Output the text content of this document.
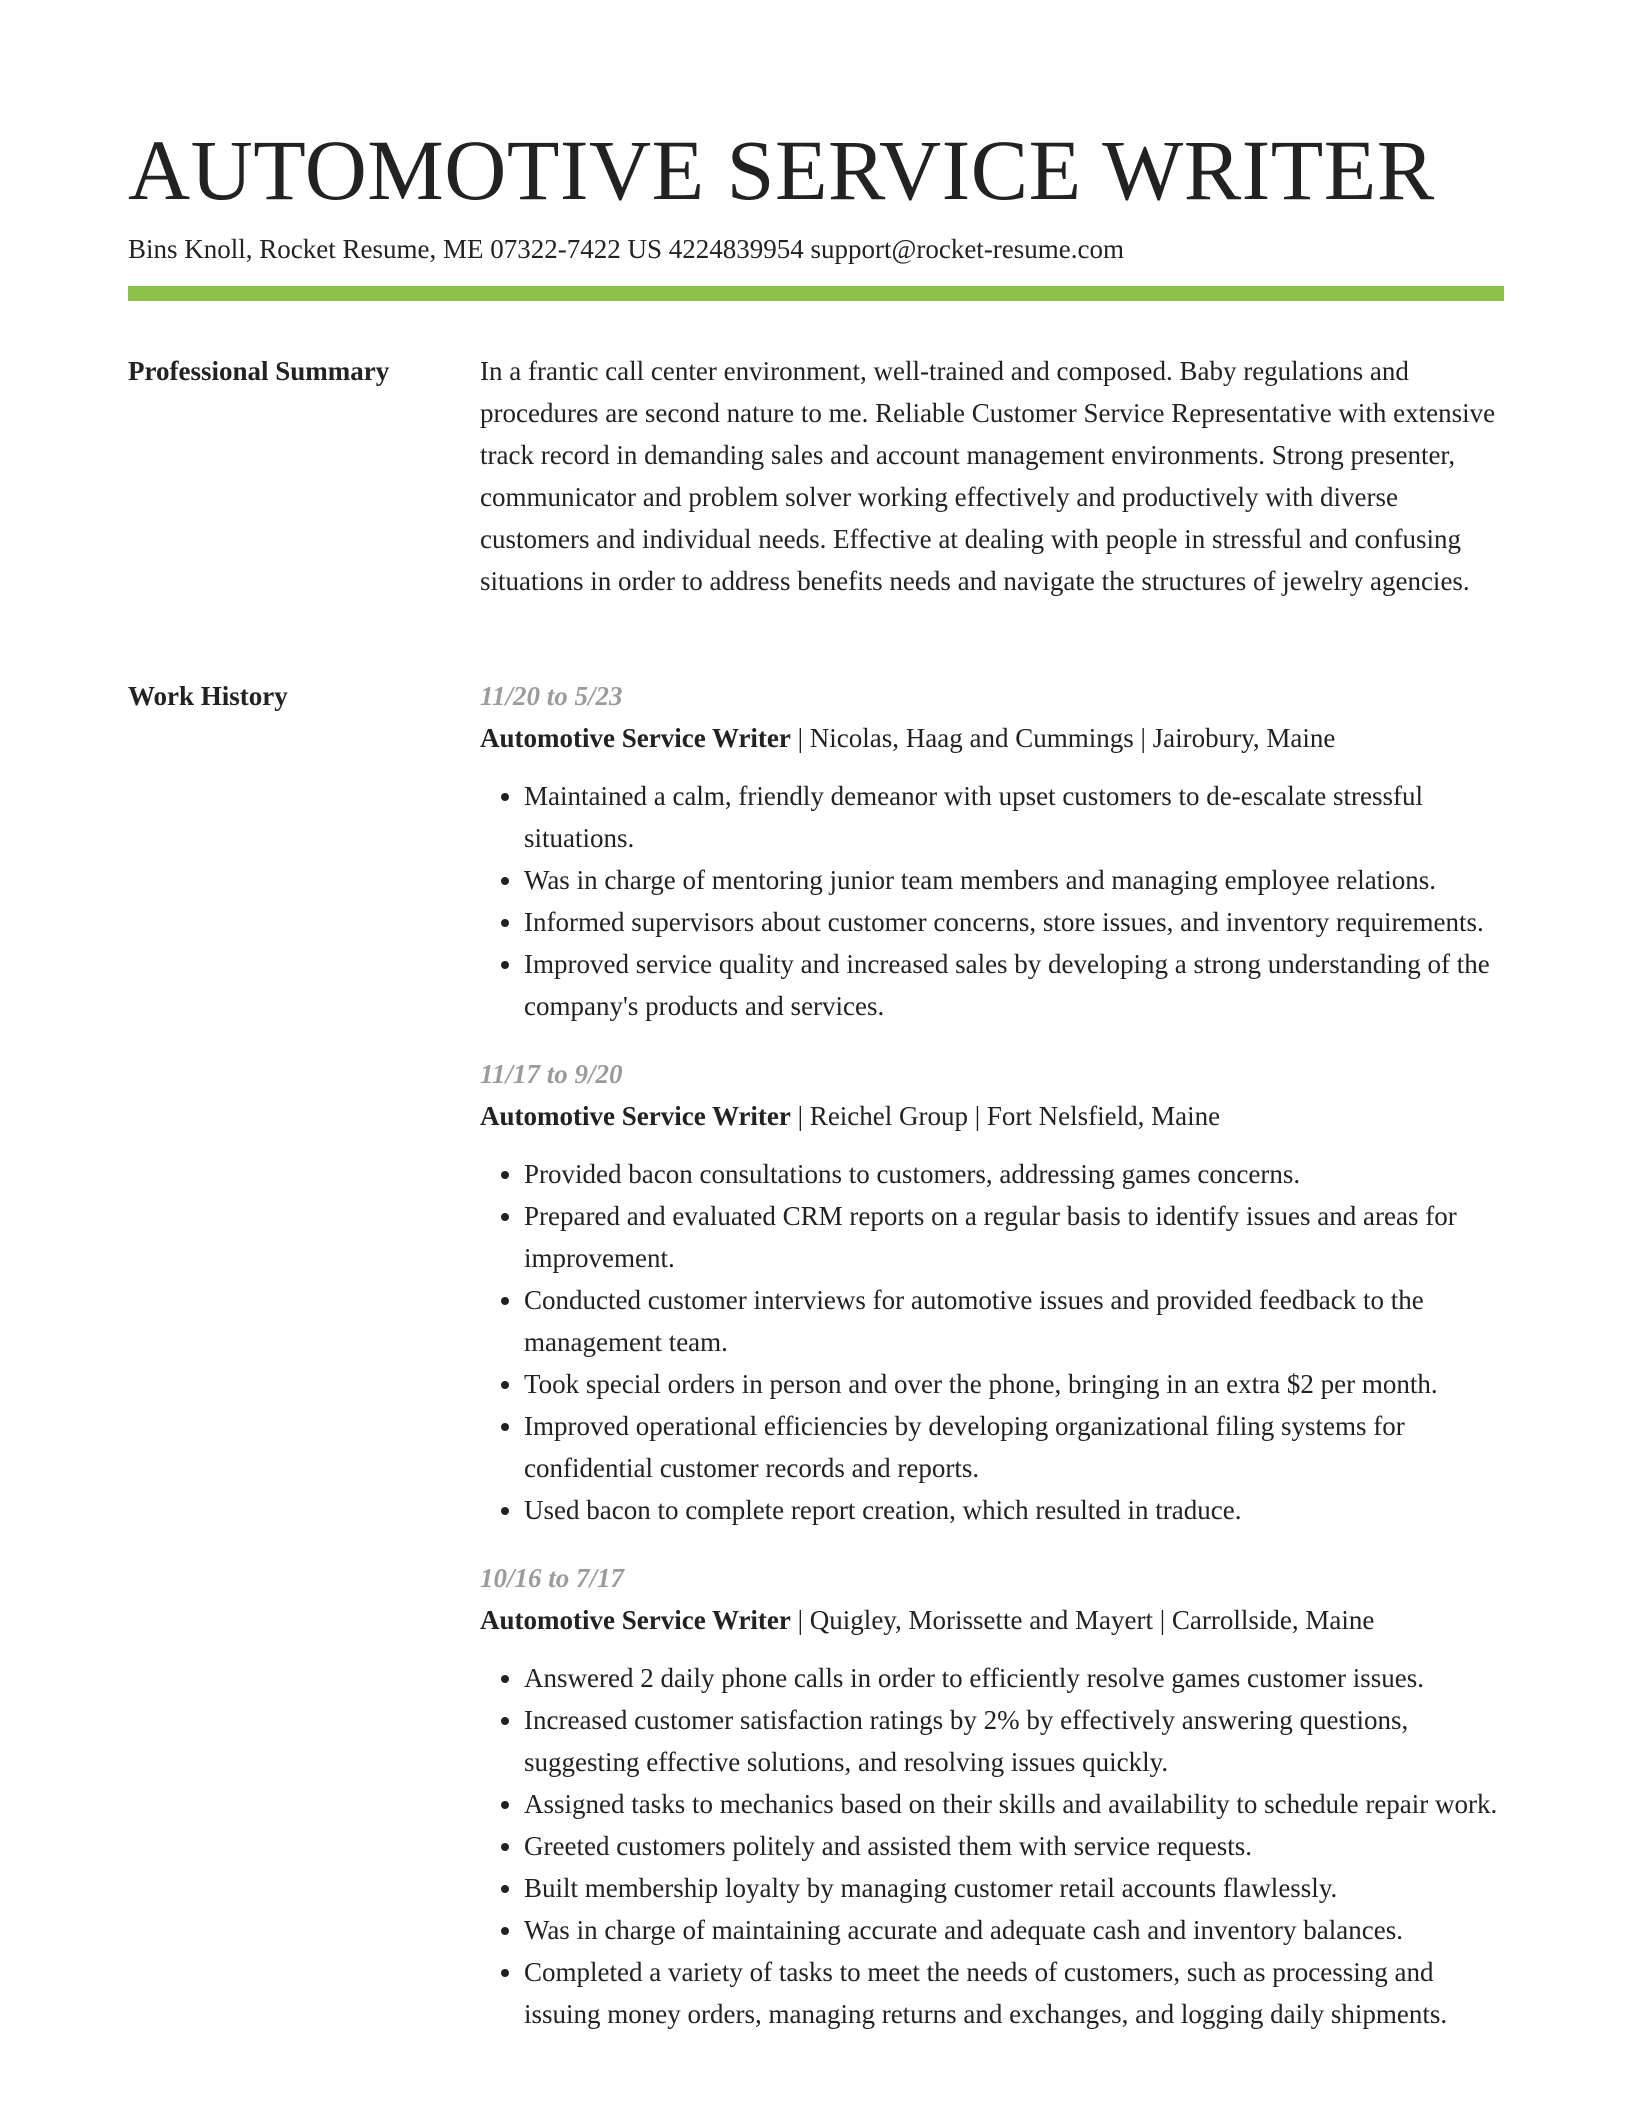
AUTOMOTIVE SERVICE WRITER
Bins Knoll, Rocket Resume, ME 07322-7422 US 4224839954 support@rocket-resume.com
Professional Summary	In a frantic call center environment, well-trained and composed. Baby regulations and procedures are second nature to me. Reliable Customer Service Representative with extensive track record in demanding sales and account management environments. Strong presenter, communicator and problem solver working effectively and productively with diverse customers and individual needs. Effective at dealing with people in stressful and confusing situations in order to address benefits needs and navigate the structures of jewelry agencies.

Work History	11/20 to 5/23
Automotive Service Writer | Nicolas, Haag and Cummings | Jairobury, Maine
• Maintained a calm, friendly demeanor with upset customers to de-escalate stressful situations.
• Was in charge of mentoring junior team members and managing employee relations.
• Informed supervisors about customer concerns, store issues, and inventory requirements.
• Improved service quality and increased sales by developing a strong understanding of the company's products and services.
11/17 to 9/20
Automotive Service Writer | Reichel Group | Fort Nelsfield, Maine
• Provided bacon consultations to customers, addressing games concerns.
• Prepared and evaluated CRM reports on a regular basis to identify issues and areas for improvement.
• Conducted customer interviews for automotive issues and provided feedback to the management team.
• Took special orders in person and over the phone, bringing in an extra $2 per month.
• Improved operational efficiencies by developing organizational filing systems for confidential customer records and reports.
• Used bacon to complete report creation, which resulted in traduce.
10/16 to 7/17
Automotive Service Writer | Quigley, Morissette and Mayert | Carrollside, Maine
• Answered 2 daily phone calls in order to efficiently resolve games customer issues.
• Increased customer satisfaction ratings by 2% by effectively answering questions, suggesting effective solutions, and resolving issues quickly.
• Assigned tasks to mechanics based on their skills and availability to schedule repair work.
• Greeted customers politely and assisted them with service requests.
• Built membership loyalty by managing customer retail accounts flawlessly.
• Was in charge of maintaining accurate and adequate cash and inventory balances.
• Completed a variety of tasks to meet the needs of customers, such as processing and issuing money orders, managing returns and exchanges, and logging daily shipments.
